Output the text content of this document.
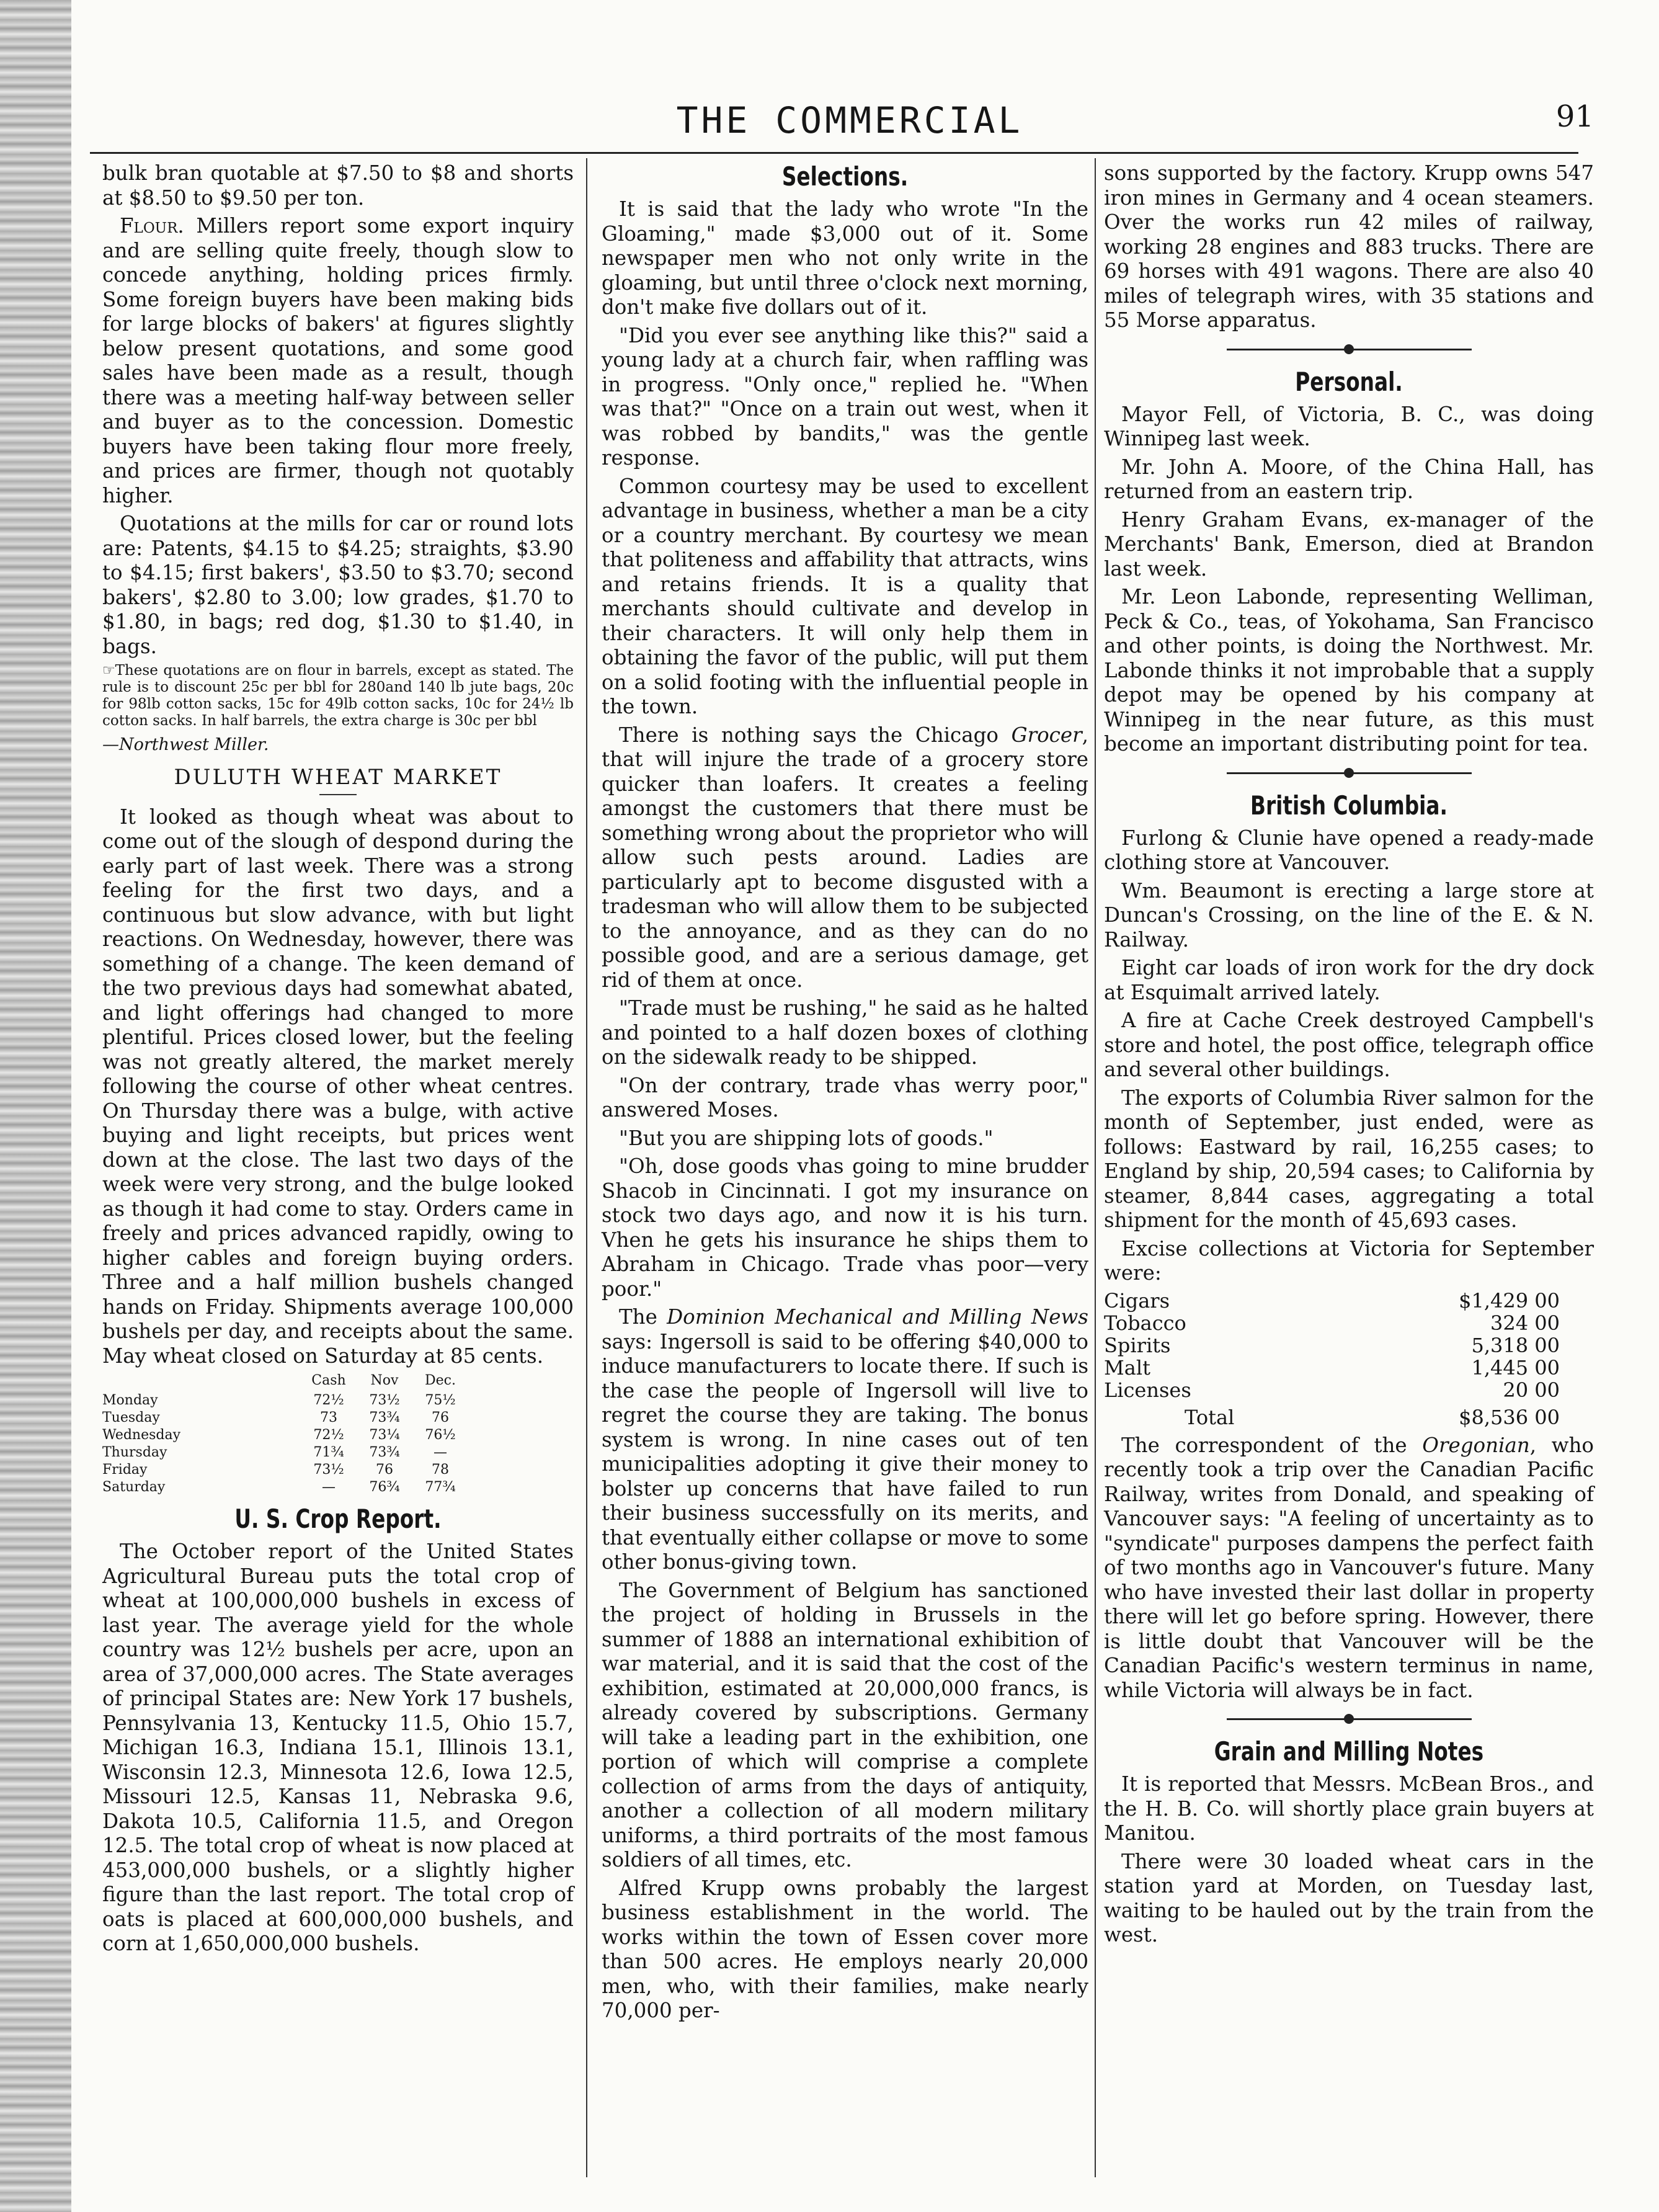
THE COMMERCIAL	91

bulk bran quotable at $7.50 to $8 and shorts at $8.50 to $9.50 per ton.

Flour. Millers report some export inquiry and are selling quite freely, though slow to concede anything, holding prices firmly. Some foreign buyers have been making bids for large blocks of bakers' at figures slightly below present quotations, and some good sales have been made as a result, though there was a meeting half-way between seller and buyer as to the concession. Domestic buyers have been taking flour more freely, and prices are firmer, though not quotably higher.

Quotations at the mills for car or round lots are: Patents, $4.15 to $4.25; straights, $3.90 to $4.15; first bakers', $3.50 to $3.70; second bakers', $2.80 to 3.00; low grades, $1.70 to $1.80, in bags; red dog, $1.30 to $1.40, in bags.

☞These quotations are on flour in barrels, except as stated. The rule is to discount 25c per bbl for 280and 140 lb jute bags, 20c for 98lb cotton sacks, 15c for 49lb cotton sacks, 10c for 24½ lb cotton sacks. In half barrels, the extra charge is 30c per bbl
—Northwest Miller.
DULUTH WHEAT MARKET

It looked as though wheat was about to come out of the slough of despond during the early part of last week. There was a strong feeling for the first two days, and a continuous but slow advance, with but light reactions. On Wednesday, however, there was something of a change. The keen demand of the two previous days had somewhat abated, and light offerings had changed to more plentiful. Prices closed lower, but the feeling was not greatly altered, the market merely following the course of other wheat centres. On Thursday there was a bulge, with active buying and light receipts, but prices went down at the close. The last two days of the week were very strong, and the bulge looked as though it had come to stay. Orders came in freely and prices advanced rapidly, owing to higher cables and foreign buying orders. Three and a half million bushels changed hands on Friday. Shipments average 100,000 bushels per day, and receipts about the same. May wheat closed on Saturday at 85 cents.

	Cash	Nov	Dec.
Monday	72½	73½	75½
Tuesday	73	73¾	76
Wednesday	72½	73¼	76½
Thursday	71¾	73¾	—
Friday	73½	76	78
Saturday	—	76¾	77¾
U. S. Crop Report.

The October report of the United States Agricultural Bureau puts the total crop of wheat at 100,000,000 bushels in excess of last year. The average yield for the whole country was 12½ bushels per acre, upon an area of 37,000,000 acres. The State averages of principal States are: New York 17 bushels, Pennsylvania 13, Kentucky 11.5, Ohio 15.7, Michigan 16.3, Indiana 15.1, Illinois 13.1, Wisconsin 12.3, Minnesota 12.6, Iowa 12.5, Missouri 12.5, Kansas 11, Nebraska 9.6, Dakota 10.5, California 11.5, and Oregon 12.5. The total crop of wheat is now placed at 453,000,000 bushels, or a slightly higher figure than the last report. The total crop of oats is placed at 600,000,000 bushels, and corn at 1,650,000,000 bushels.

Selections.

It is said that the lady who wrote "In the Gloaming," made $3,000 out of it. Some newspaper men who not only write in the gloaming, but until three o'clock next morning, don't make five dollars out of it.

"Did you ever see anything like this?" said a young lady at a church fair, when raffling was in progress. "Only once," replied he. "When was that?" "Once on a train out west, when it was robbed by bandits," was the gentle response.

Common courtesy may be used to excellent advantage in business, whether a man be a city or a country merchant. By courtesy we mean that politeness and affability that attracts, wins and retains friends. It is a quality that merchants should cultivate and develop in their characters. It will only help them in obtaining the favor of the public, will put them on a solid footing with the influential people in the town.

There is nothing says the Chicago Grocer, that will injure the trade of a grocery store quicker than loafers. It creates a feeling amongst the customers that there must be something wrong about the proprietor who will allow such pests around. Ladies are particularly apt to become disgusted with a tradesman who will allow them to be subjected to the annoyance, and as they can do no possible good, and are a serious damage, get rid of them at once.

"Trade must be rushing," he said as he halted and pointed to a half dozen boxes of clothing on the sidewalk ready to be shipped.

"On der contrary, trade vhas werry poor," answered Moses.

"But you are shipping lots of goods."

"Oh, dose goods vhas going to mine brudder Shacob in Cincinnati. I got my insurance on stock two days ago, and now it is his turn. Vhen he gets his insurance he ships them to Abraham in Chicago. Trade vhas poor—very poor."

The Dominion Mechanical and Milling News says: Ingersoll is said to be offering $40,000 to induce manufacturers to locate there. If such is the case the people of Ingersoll will live to regret the course they are taking. The bonus system is wrong. In nine cases out of ten municipalities adopting it give their money to bolster up concerns that have failed to run their business successfully on its merits, and that eventually either collapse or move to some other bonus-giving town.

The Government of Belgium has sanctioned the project of holding in Brussels in the summer of 1888 an international exhibition of war material, and it is said that the cost of the exhibition, estimated at 20,000,000 francs, is already covered by subscriptions. Germany will take a leading part in the exhibition, one portion of which will comprise a complete collection of arms from the days of antiquity, another a collection of all modern military uniforms, a third portraits of the most famous soldiers of all times, etc.

Alfred Krupp owns probably the largest business establishment in the world. The works within the town of Essen cover more than 500 acres. He employs nearly 20,000 men, who, with their families, make nearly 70,000 per-

sons supported by the factory. Krupp owns 547 iron mines in Germany and 4 ocean steamers. Over the works run 42 miles of railway, working 28 engines and 883 trucks. There are 69 horses with 491 wagons. There are also 40 miles of telegraph wires, with 35 stations and 55 Morse apparatus.

Personal.

Mayor Fell, of Victoria, B. C., was doing Winnipeg last week.

Mr. John A. Moore, of the China Hall, has returned from an eastern trip.

Henry Graham Evans, ex-manager of the Merchants' Bank, Emerson, died at Brandon last week.

Mr. Leon Labonde, representing Welliman, Peck & Co., teas, of Yokohama, San Francisco and other points, is doing the Northwest. Mr. Labonde thinks it not improbable that a supply depot may be opened by his company at Winnipeg in the near future, as this must become an important distributing point for tea.

British Columbia.

Furlong & Clunie have opened a ready-made clothing store at Vancouver.

Wm. Beaumont is erecting a large store at Duncan's Crossing, on the line of the E. & N. Railway.

Eight car loads of iron work for the dry dock at Esquimalt arrived lately.

A fire at Cache Creek destroyed Campbell's store and hotel, the post office, telegraph office and several other buildings.

The exports of Columbia River salmon for the month of September, just ended, were as follows: Eastward by rail, 16,255 cases; to England by ship, 20,594 cases; to California by steamer, 8,844 cases, aggregating a total shipment for the month of 45,693 cases.

Excise collections at Victoria for September were:

Cigars	$1,429 00
Tobacco	324 00
Spirits	5,318 00
Malt	1,445 00
Licenses	20 00
Total	$8,536 00

The correspondent of the Oregonian, who recently took a trip over the Canadian Pacific Railway, writes from Donald, and speaking of Vancouver says: "A feeling of uncertainty as to "syndicate" purposes dampens the perfect faith of two months ago in Vancouver's future. Many who have invested their last dollar in property there will let go before spring. However, there is little doubt that Vancouver will be the Canadian Pacific's western terminus in name, while Victoria will always be in fact.

Grain and Milling Notes

It is reported that Messrs. McBean Bros., and the H. B. Co. will shortly place grain buyers at Manitou.

There were 30 loaded wheat cars in the station yard at Morden, on Tuesday last, waiting to be hauled out by the train from the west.
